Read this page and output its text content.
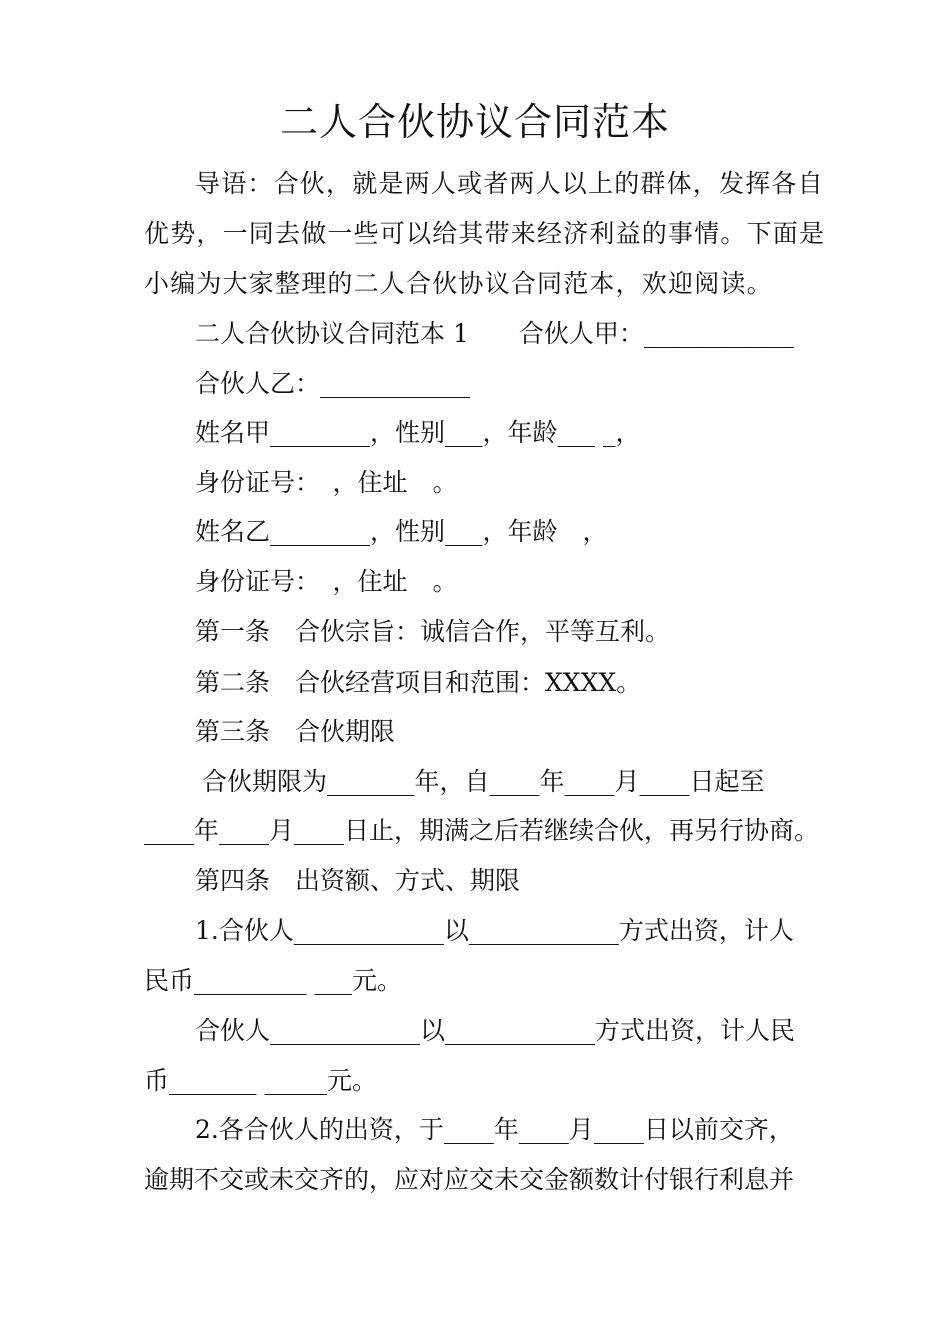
二人合伙协议合同范本
导语：合伙，就是两人或者两人以上的群体，发挥各自
优势，一同去做一些可以给其带来经济利益的事情。下面是
小编为大家整理的二人合伙协议合同范本，欢迎阅读。
二人合伙协议合同范本 1　　合伙人甲：____________
合伙人乙：____________
姓名甲________，性别___，年龄___ _，
身份证号：　，住址　。
姓名乙________，性别___，年龄　，
身份证号：　，住址　。
第一条　合伙宗旨：诚信合作，平等互利。
第二条　合伙经营项目和范围：XXXX。
第三条　合伙期限
合伙期限为_______年，自____年____月____日起至
____年____月____日止，期满之后若继续合伙，再另行协商。
第四条　出资额、方式、期限
1.合伙人____________以____________方式出资，计人
民币_________ ___元。
合伙人____________以____________方式出资，计人民
币_______ _____元。
2.各合伙人的出资，于____年____月____日以前交齐，
逾期不交或未交齐的，应对应交未交金额数计付银行利息并
